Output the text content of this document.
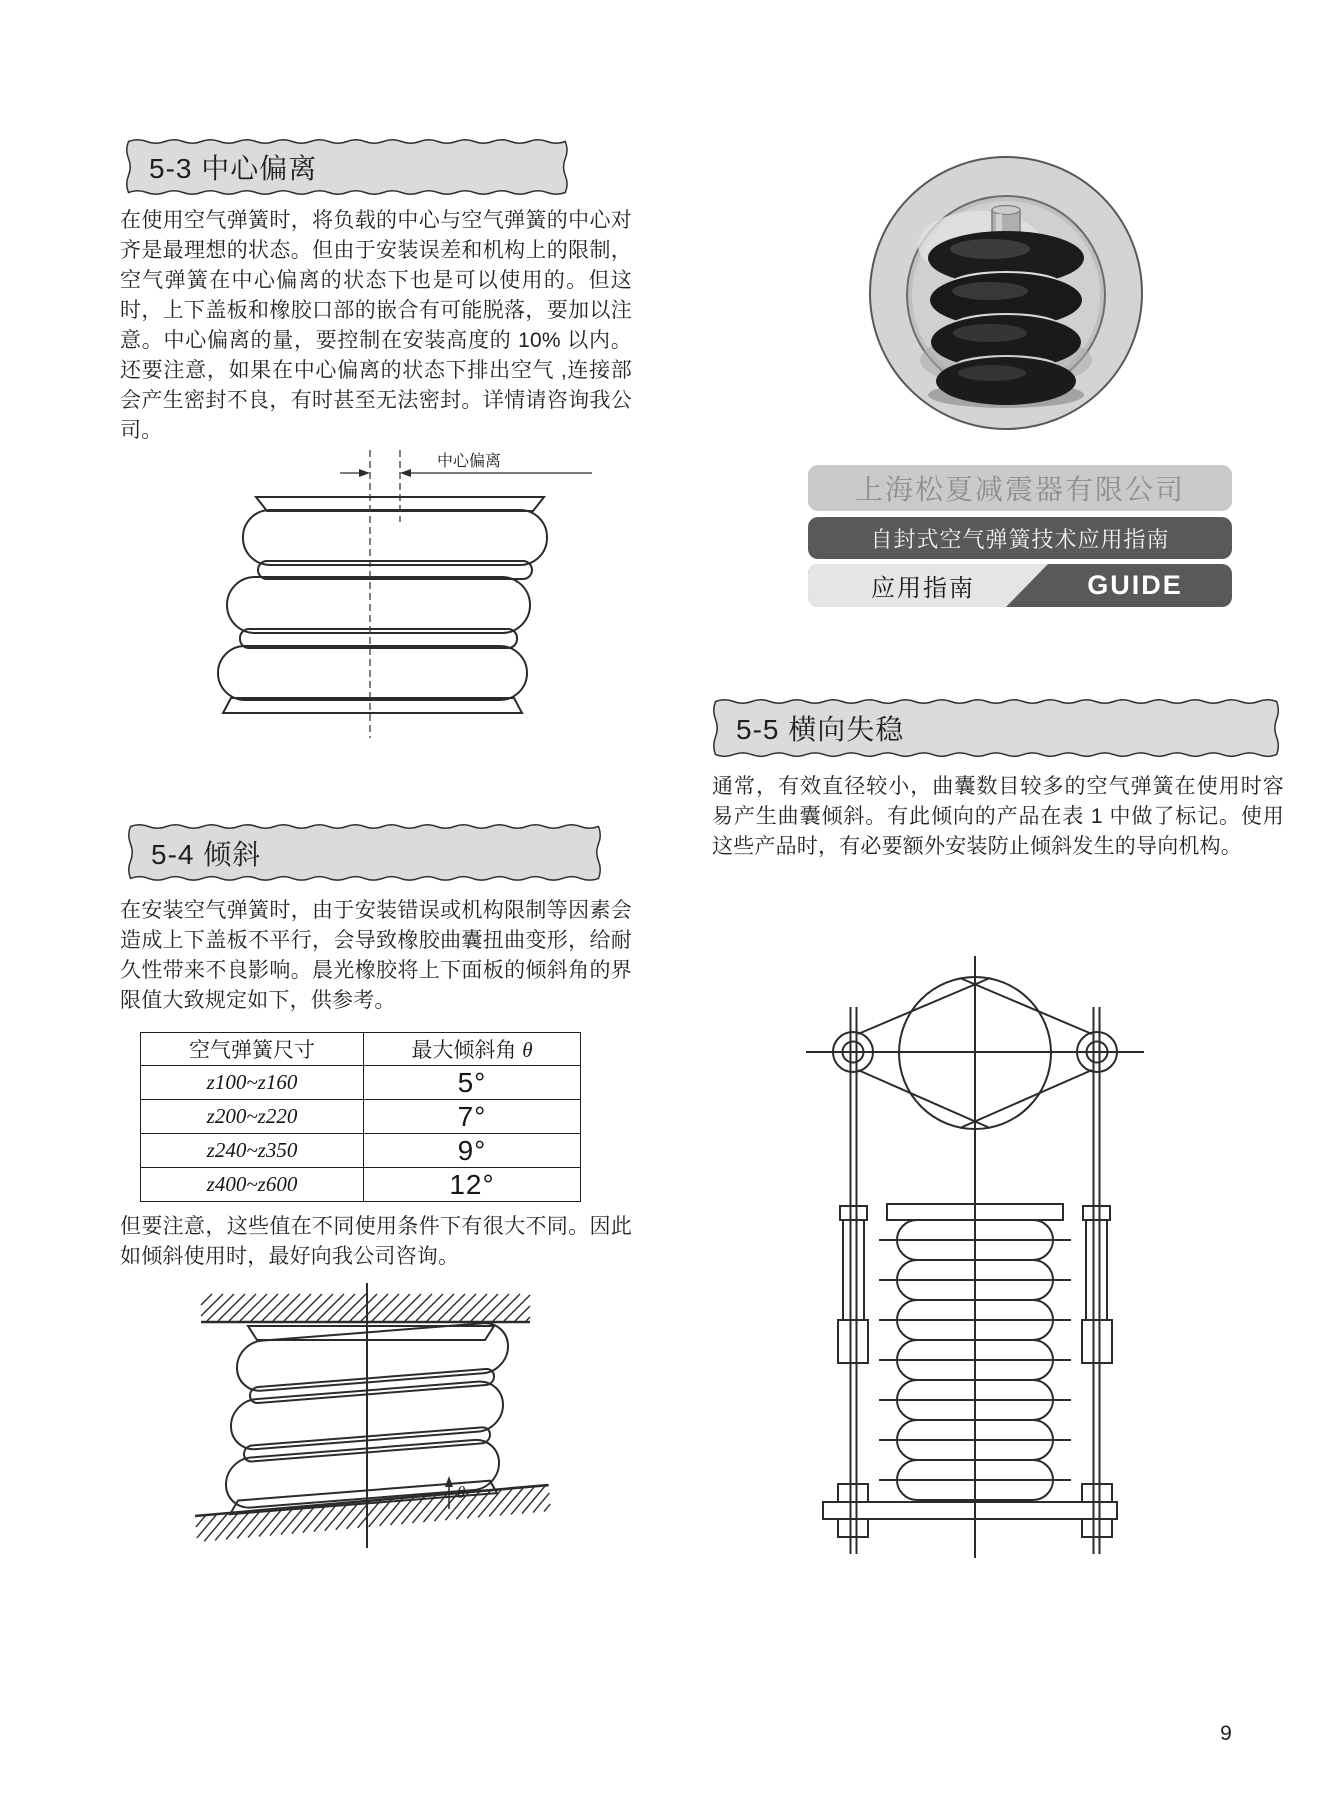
5-3 中心偏离
在使用空气弹簧时，将负载的中心与空气弹簧的中心对齐是最理想的状态。但由于安装误差和机构上的限制，空气弹簧在中心偏离的状态下也是可以使用的。但这时，上下盖板和橡胶口部的嵌合有可能脱落，要加以注意。中心偏离的量，要控制在安装高度的 10% 以内。还要注意，如果在中心偏离的状态下排出空气 ,连接部会产生密封不良，有时甚至无法密封。详情请咨询我公司。
中心偏离
5-4 倾斜
在安装空气弹簧时，由于安装错误或机构限制等因素会造成上下盖板不平行，会导致橡胶曲囊扭曲变形，给耐久性带来不良影响。晨光橡胶将上下面板的倾斜角的界限值大致规定如下，供参考。
空气弹簧尺寸	最大倾斜角 θ
z100~z160	5°
z200~z220	7°
z240~z350	9°
z400~z600	12°
但要注意，这些值在不同使用条件下有很大不同。因此如倾斜使用时，最好向我公司咨询。
θ
上海松夏减震器有限公司
自封式空气弹簧技术应用指南
应用指南	GUIDE
5-5 横向失稳
通常，有效直径较小，曲囊数目较多的空气弹簧在使用时容易产生曲囊倾斜。有此倾向的产品在表 1 中做了标记。使用这些产品时，有必要额外安装防止倾斜发生的导向机构。
9
